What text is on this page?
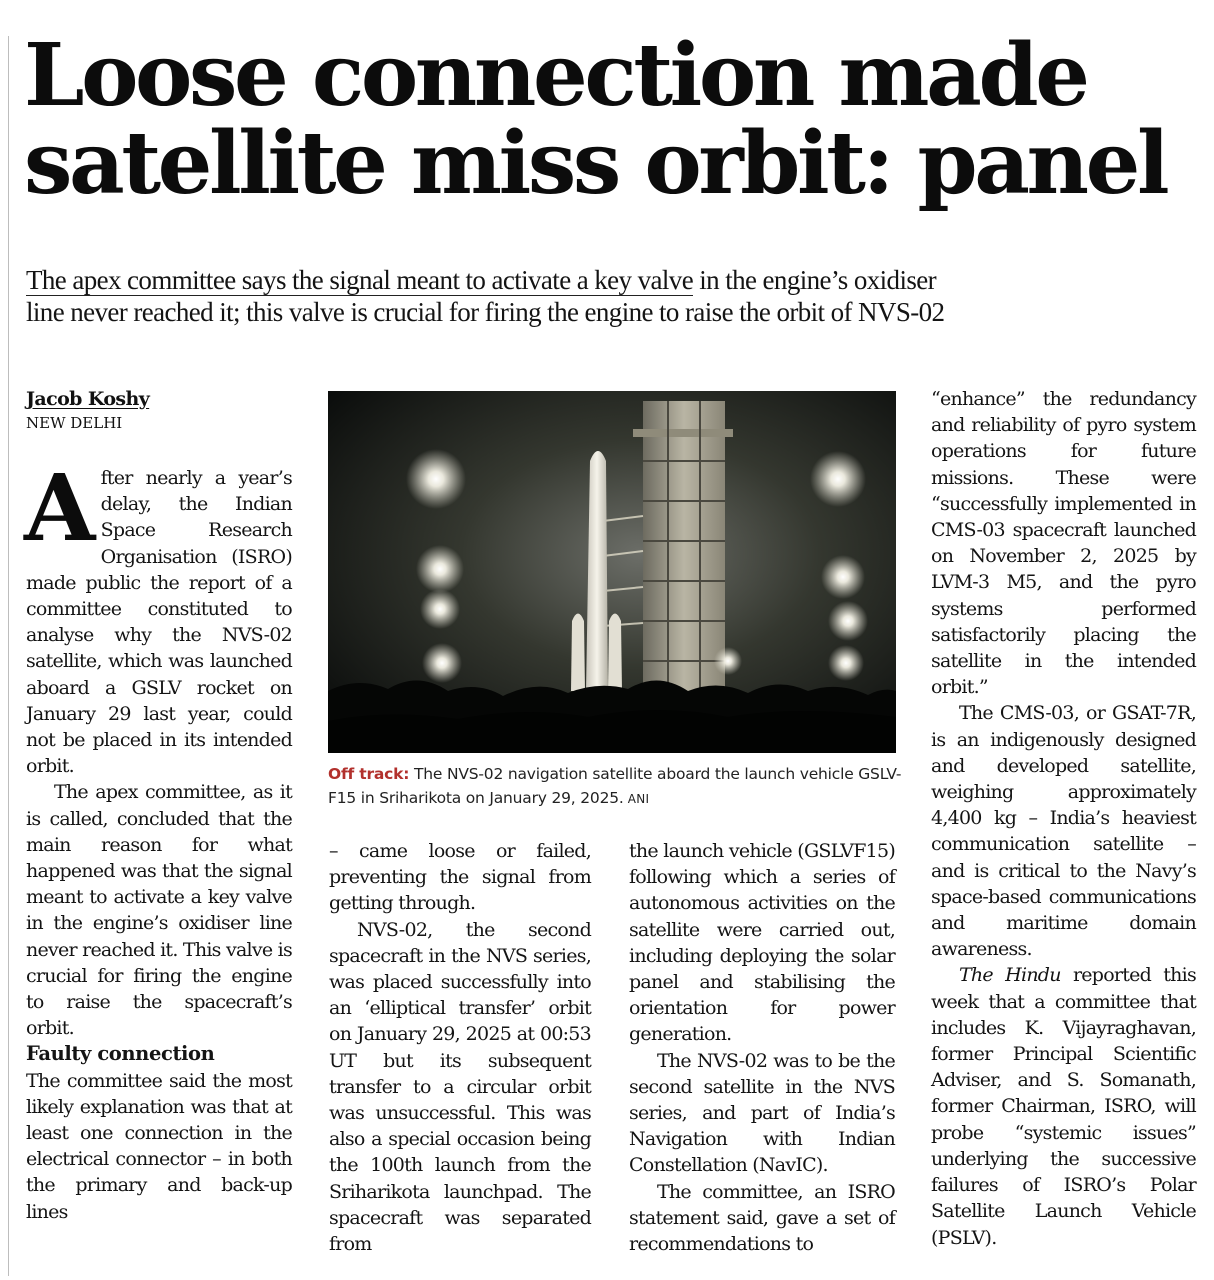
Loose connection made
satellite miss orbit: panel
The apex committee says the signal meant to activate a key valve in the engine’s oxidiser
line never reached it; this valve is crucial for firing the engine to raise the orbit of NVS-02
Jacob Koshy
NEW DELHI

After nearly a year’s delay, the Indian Space Research Organisation (ISRO) made public the report of a committee constituted to analyse why the NVS-02 satellite, which was launched aboard a GSLV rocket on January 29 last year, could not be placed in its intended orbit.

The apex committee, as it is called, concluded that the main reason for what happened was that the signal meant to activate a key valve in the engine’s oxidiser line never reached it. This valve is crucial for firing the engine to raise the spacecraft’s orbit.

Faulty connection

The committee said the most likely explanation was that at least one connection in the electrical connector – in both the primary and back-up lines

Off track: The NVS-02 navigation satellite aboard the launch vehicle GSLV-F15 in Sriharikota on January 29, 2025. ANI

– came loose or failed, preventing the signal from getting through.

NVS-02, the second spacecraft in the NVS series, was placed successfully into an ‘elliptical transfer’ orbit on January 29, 2025 at 00:53 UT but its subsequent transfer to a circular orbit was unsuccessful. This was also a special occasion being the 100th launch from the Sriharikota launchpad. The spacecraft was separated from

the launch vehicle (GSLVF15) following which a series of autonomous activities on the satellite were carried out, including deploying the solar panel and stabilising the orientation for power generation.

The NVS-02 was to be the second satellite in the NVS series, and part of India’s Navigation with Indian Constellation (NavIC).

The committee, an ISRO statement said, gave a set of recommendations to

“enhance” the redundancy and reliability of pyro system operations for future missions. These were “successfully implemented in CMS-03 spacecraft launched on November 2, 2025 by LVM-3 M5, and the pyro systems performed satisfactorily placing the satellite in the intended orbit.”

The CMS-03, or GSAT-7R, is an indigenously designed and developed satellite, weighing approximately 4,400 kg – India’s heaviest communication satellite – and is critical to the Navy’s space-based communications and maritime domain awareness.

The Hindu reported this week that a committee that includes K. Vijayraghavan, former Principal Scientific Adviser, and S. Somanath, former Chairman, ISRO, will probe “systemic issues” underlying the successive failures of ISRO’s Polar Satellite Launch Vehicle (PSLV).
